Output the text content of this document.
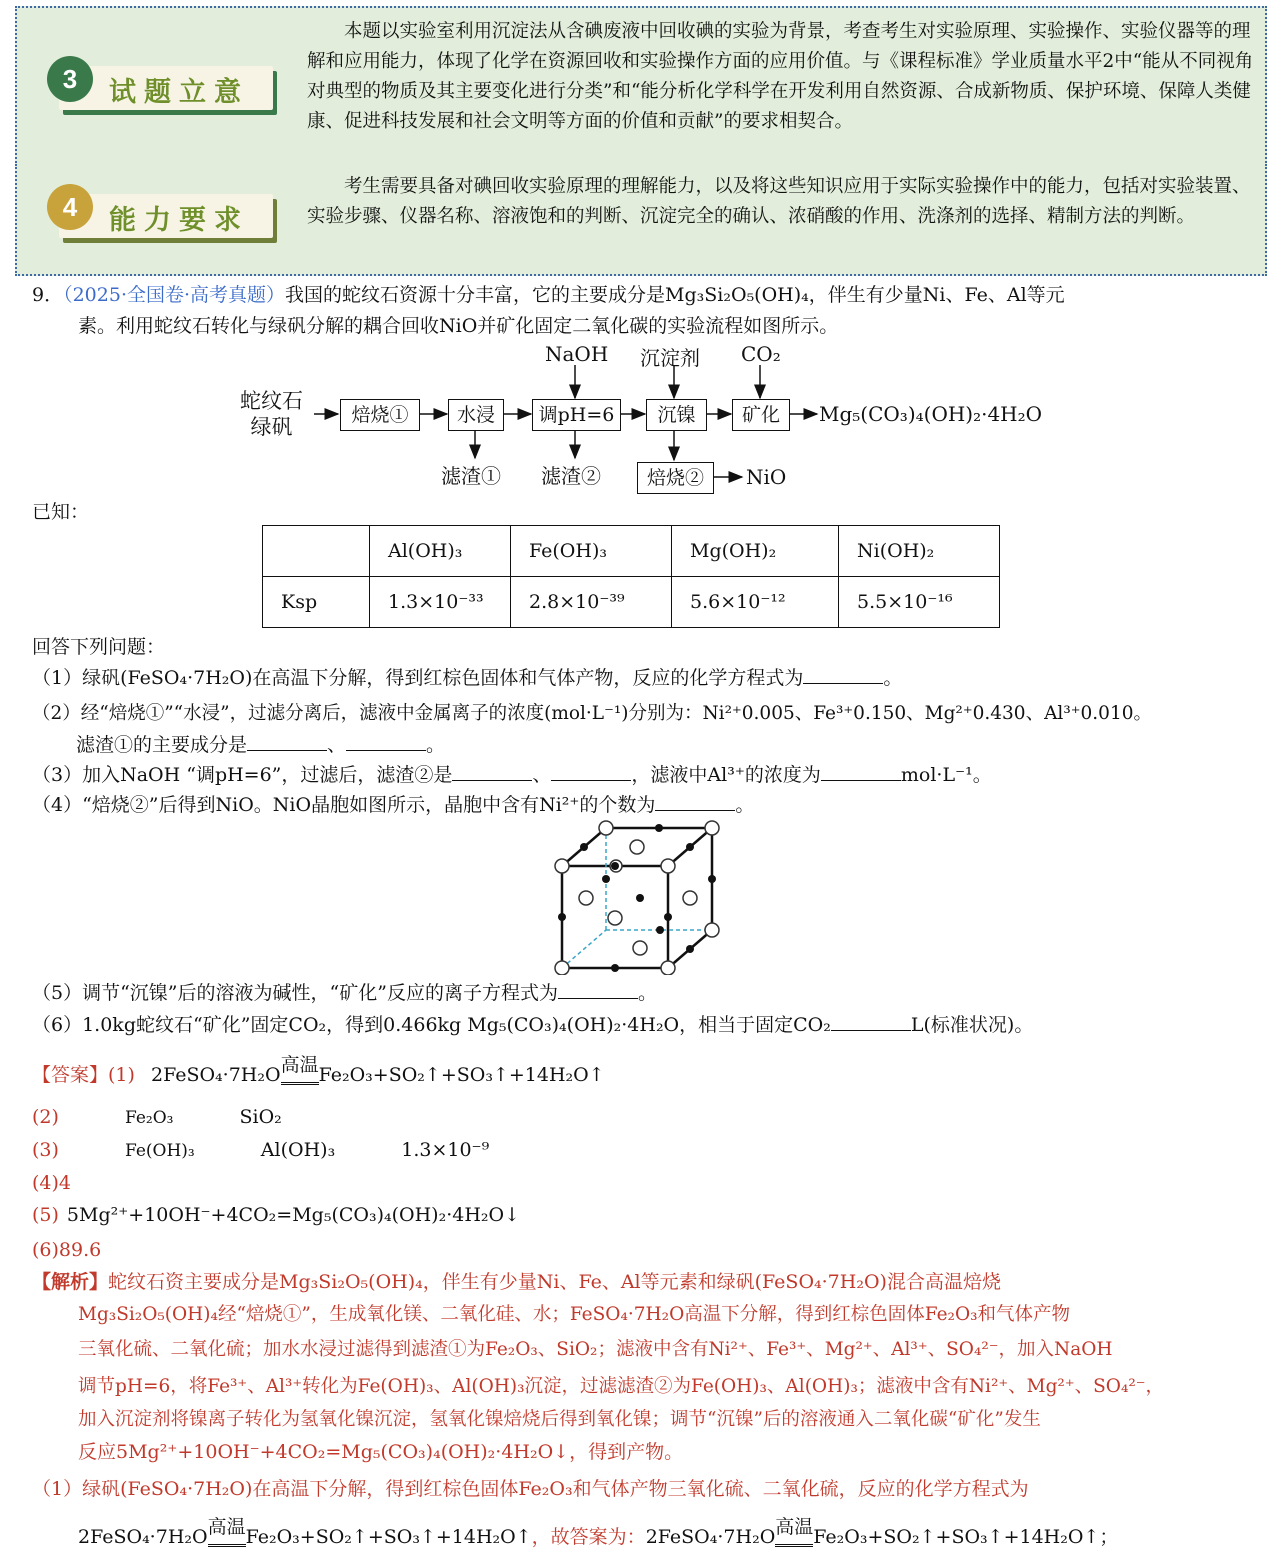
3	试题立意
本题以实验室利用沉淀法从含碘废液中回收碘的实验为背景，考查考生对实验原理、实验操作、实验仪器等的理解和应用能力，体现了化学在资源回收和实验操作方面的应用价值。与《课程标准》学业质量水平2中“能从不同视角对典型的物质及其主要变化进行分类”和“能分析化学科学在开发利用自然资源、合成新物质、保护环境、保障人类健康、促进科技发展和社会文明等方面的价值和贡献”的要求相契合。
4	能力要求
考生需要具备对碘回收实验原理的理解能力，以及将这些知识应用于实际实验操作中的能力，包括对实验装置、实验步骤、仪器名称、溶液饱和的判断、沉淀完全的确认、浓硝酸的作用、洗涤剂的选择、精制方法的判断。
9．（2025·全国卷·高考真题）我国的蛇纹石资源十分丰富，它的主要成分是Mg₃Si₂O₅(OH)₄，伴生有少量Ni、Fe、Al等元
素。利用蛇纹石转化与绿矾分解的耦合回收NiO并矿化固定二氧化碳的实验流程如图所示。
蛇纹石
绿矾	焙烧①	水浸	调pH=6	沉镍	矿化	Mg₅(CO₃)₄(OH)₂·4H₂O
NaOH 沉淀剂 CO₂
滤渣① 滤渣②	焙烧②	NiO
已知：
	Al(OH)₃	Fe(OH)₃	Mg(OH)₂	Ni(OH)₂
Ksp	1.3×10⁻³³	2.8×10⁻³⁹	5.6×10⁻¹²	5.5×10⁻¹⁶
回答下列问题：
（1）绿矾(FeSO₄·7H₂O)在高温下分解，得到红棕色固体和气体产物，反应的化学方程式为	。
（2）经“焙烧①”“水浸”，过滤分离后，滤液中金属离子的浓度(mol·L⁻¹)分别为：Ni²⁺0.005、Fe³⁺0.150、Mg²⁺0.430、Al³⁺0.010。
滤渣①的主要成分是	、	。
（3）加入NaOH “调pH=6”，过滤后，滤渣②是	、	，滤液中Al³⁺的浓度为	mol·L⁻¹。
（4）“焙烧②”后得到NiO。NiO晶胞如图所示，晶胞中含有Ni²⁺的个数为	。
（5）调节“沉镍”后的溶液为碱性，“矿化”反应的离子方程式为	。
（6）1.0kg蛇纹石“矿化”固定CO₂，得到0.466kg Mg₅(CO₃)₄(OH)₂·4H₂O，相当于固定CO₂	L(标准状况)。
【答案】(1) 2FeSO₄·7H₂O高温Fe₂O₃+SO₂↑+SO₃↑+14H₂O↑
(2)	Fe₂O₃	SiO₂
(3)	Fe(OH)₃	Al(OH)₃	1.3×10⁻⁹
(4)4
(5) 5Mg²⁺+10OH⁻+4CO₂=Mg₅(CO₃)₄(OH)₂·4H₂O↓
(6)89.6
【解析】蛇纹石资主要成分是Mg₃Si₂O₅(OH)₄，伴生有少量Ni、Fe、Al等元素和绿矾(FeSO₄·7H₂O)混合高温焙烧
Mg₃Si₂O₅(OH)₄经“焙烧①”，生成氧化镁、二氧化硅、水；FeSO₄·7H₂O高温下分解，得到红棕色固体Fe₂O₃和气体产物
三氧化硫、二氧化硫；加水水浸过滤得到滤渣①为Fe₂O₃、SiO₂；滤液中含有Ni²⁺、Fe³⁺、Mg²⁺、Al³⁺、SO₄²⁻，加入NaOH
调节pH=6，将Fe³⁺、Al³⁺转化为Fe(OH)₃、Al(OH)₃沉淀，过滤滤渣②为Fe(OH)₃、Al(OH)₃；滤液中含有Ni²⁺、Mg²⁺、SO₄²⁻，
加入沉淀剂将镍离子转化为氢氧化镍沉淀，氢氧化镍焙烧后得到氧化镍；调节“沉镍”后的溶液通入二氧化碳“矿化”发生
反应5Mg²⁺+10OH⁻+4CO₂=Mg₅(CO₃)₄(OH)₂·4H₂O↓，得到产物。
（1）绿矾(FeSO₄·7H₂O)在高温下分解，得到红棕色固体Fe₂O₃和气体产物三氧化硫、二氧化硫，反应的化学方程式为
2FeSO₄·7H₂O高温Fe₂O₃+SO₂↑+SO₃↑+14H₂O↑，故答案为：2FeSO₄·7H₂O高温Fe₂O₃+SO₂↑+SO₃↑+14H₂O↑；
